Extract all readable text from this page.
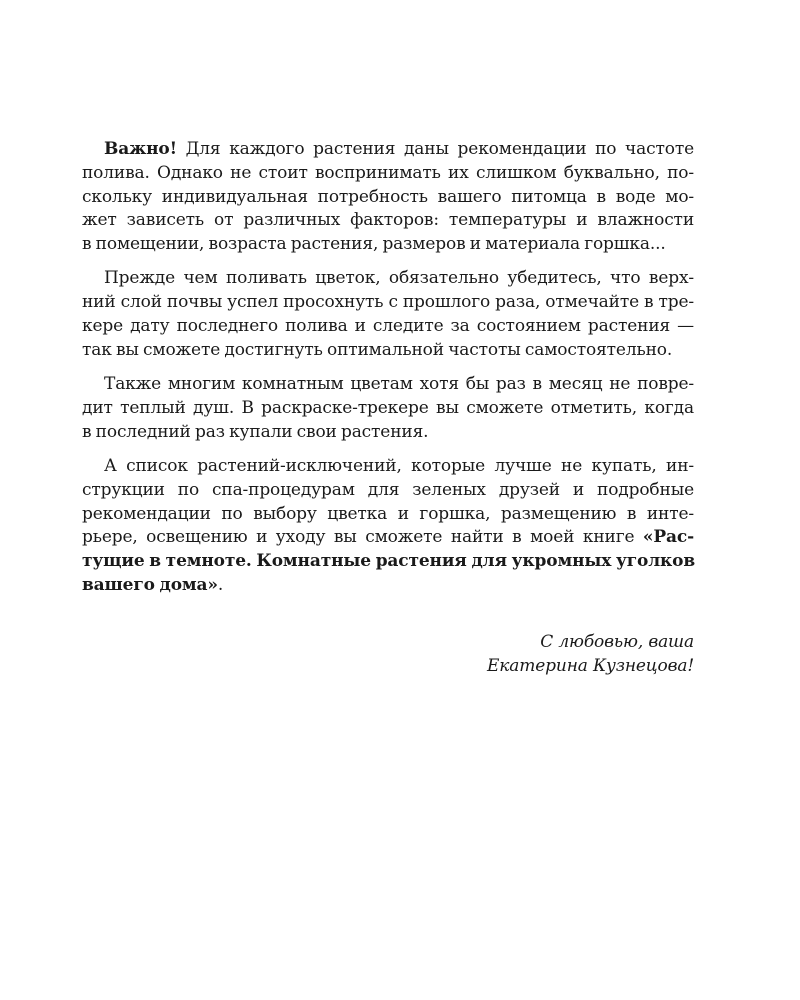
Важно! Для каждого растения даны рекомендации по частоте
полива. Однако не стоит воспринимать их слишком буквально, по-
скольку индивидуальная потребность вашего питомца в воде мо-
жет зависеть от различных факторов: температуры и влажности
в помещении, возраста растения, размеров и материала горшка...
Прежде чем поливать цветок, обязательно убедитесь, что верх-
ний слой почвы успел просохнуть с прошлого раза, отмечайте в тре-
кере дату последнего полива и следите за состоянием растения —
так вы сможете достигнуть оптимальной частоты самостоятельно.
Также многим комнатным цветам хотя бы раз в месяц не повре-
дит теплый душ. В раскраске-трекере вы сможете отметить, когда
в последний раз купали свои растения.
А список растений-исключений, которые лучше не купать, ин-
струкции по спа-процедурам для зеленых друзей и подробные
рекомендации по выбору цветка и горшка, размещению в инте-
рьере, освещению и уходу вы сможете найти в моей книге «Рас-
тущие в темноте. Комнатные растения для укромных уголков
вашего дома».
С любовью, ваша
Екатерина Кузнецова!
